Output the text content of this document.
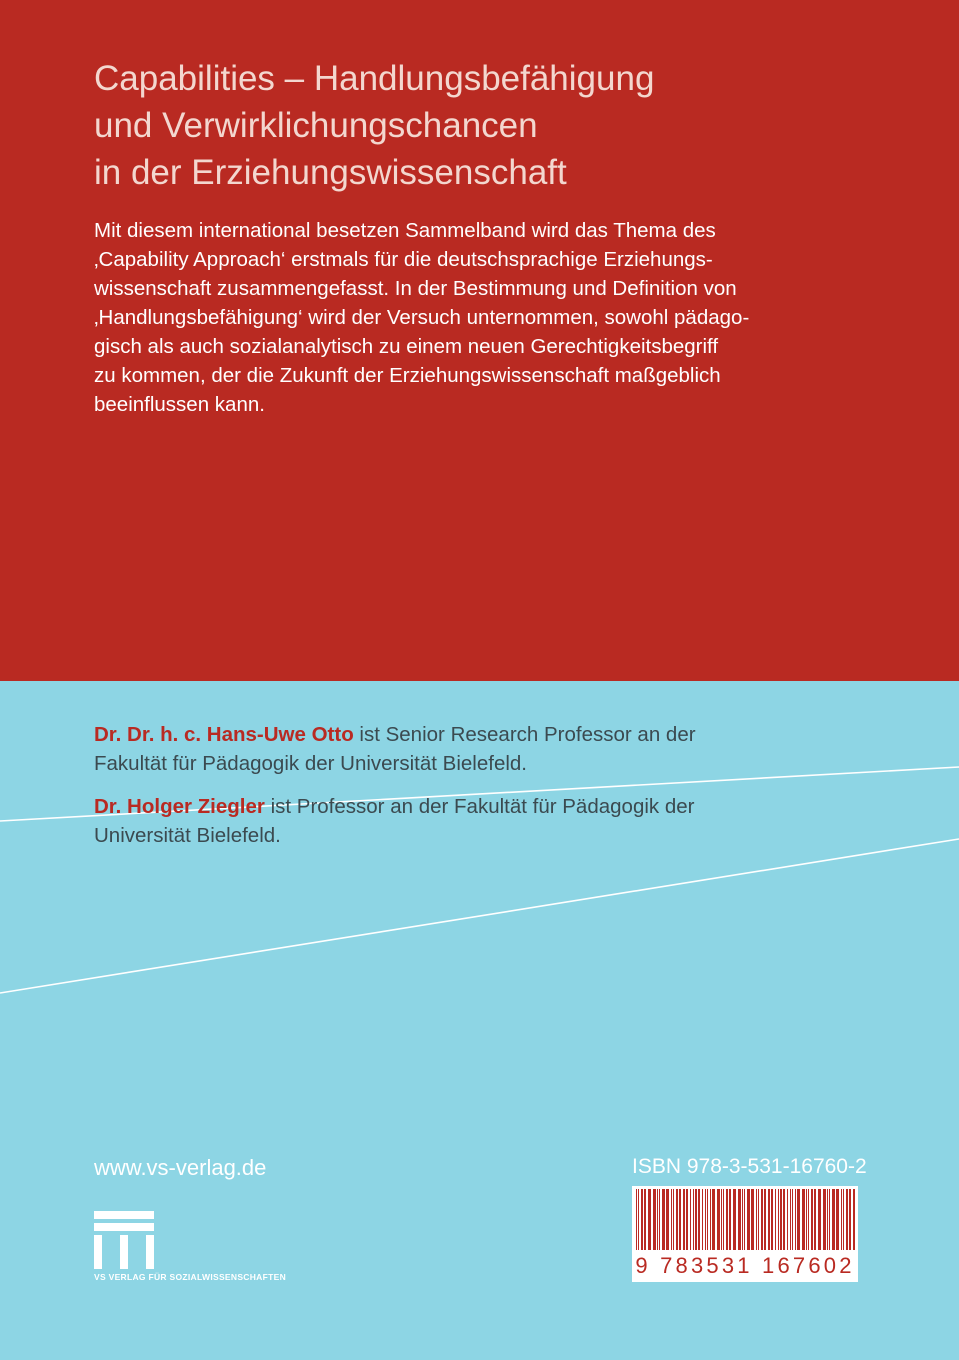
Capabilities – Handlungsbefähigung
und Verwirklichungschancen
in der Erziehungswissenschaft
Mit diesem international besetzen Sammelband wird das Thema des
‚Capability Approach‘ erstmals für die deutschsprachige Erziehungs-
wissenschaft zusammengefasst. In der Bestimmung und Definition von
‚Handlungsbefähigung‘ wird der Versuch unternommen, sowohl pädago-
gisch als auch sozialanalytisch zu einem neuen Gerechtigkeitsbegriff
zu kommen, der die Zukunft der Erziehungswissenschaft maßgeblich
beeinflussen kann.
Dr. Dr. h. c. Hans-Uwe Otto ist Senior Research Professor an der
Fakultät für Pädagogik der Universität Bielefeld.
Dr. Holger Ziegler ist Professor an der Fakultät für Pädagogik der
Universität Bielefeld.
www.vs-verlag.de
VS VERLAG FÜR SOZIALWISSENSCHAFTEN
ISBN 978-3-531-16760-2
9 783531 167602
